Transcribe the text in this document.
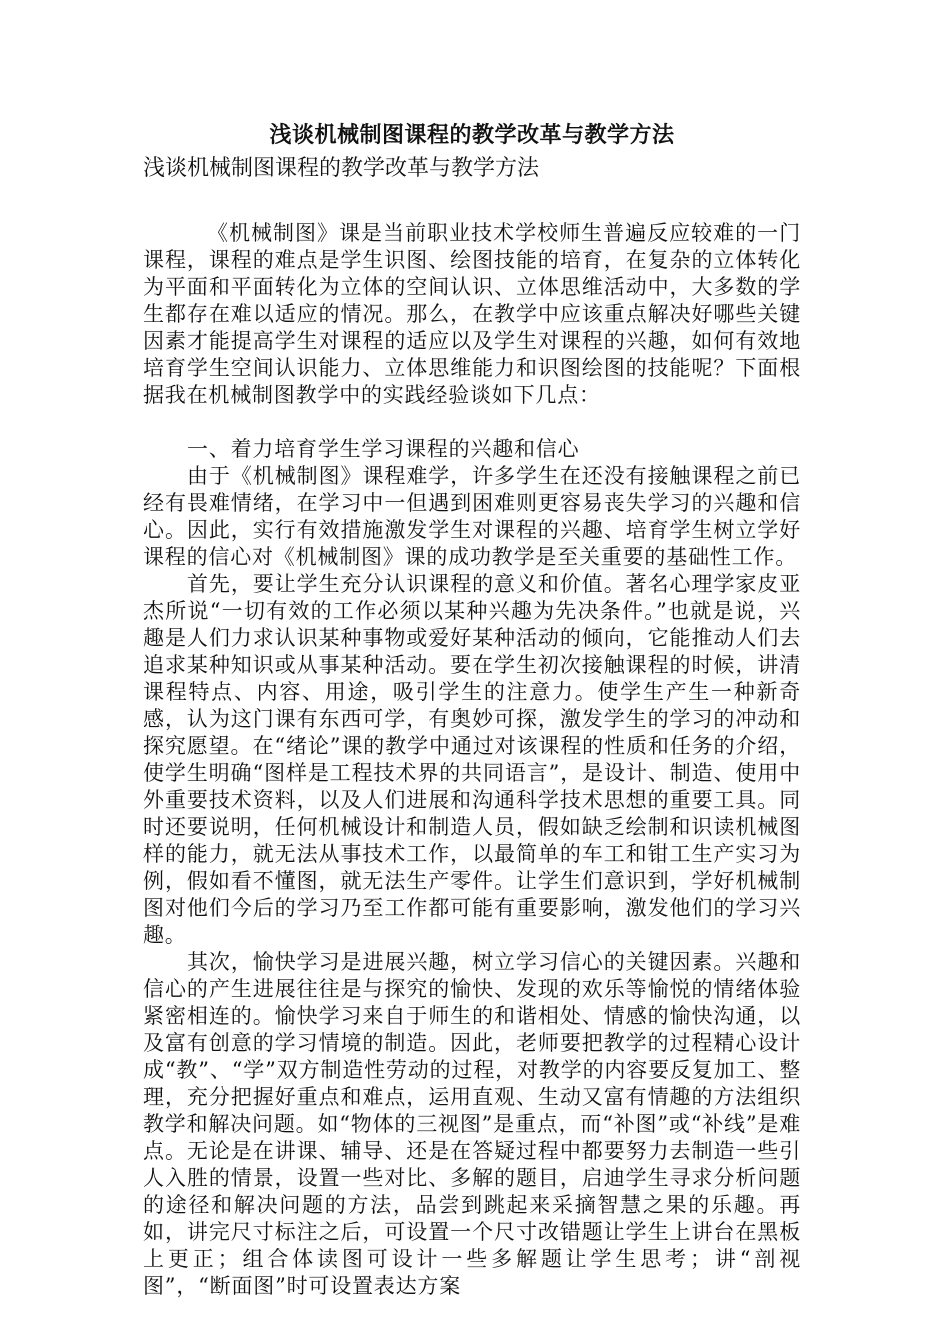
浅谈机械制图课程的教学改革与教学方法

浅谈机械制图课程的教学改革与教学方法

《机械制图》课是当前职业技术学校师生普遍反应较难的一门课程，课程的难点是学生识图、绘图技能的培育，在复杂的立体转化为平面和平面转化为立体的空间认识、立体思维活动中，大多数的学生都存在难以适应的情况。那么，在教学中应该重点解决好哪些关键因素才能提高学生对课程的适应以及学生对课程的兴趣，如何有效地培育学生空间认识能力、立体思维能力和识图绘图的技能呢？下面根据我在机械制图教学中的实践经验谈如下几点：

一、着力培育学生学习课程的兴趣和信心

由于《机械制图》课程难学，许多学生在还没有接触课程之前已经有畏难情绪，在学习中一但遇到困难则更容易丧失学习的兴趣和信心。因此，实行有效措施激发学生对课程的兴趣、培育学生树立学好课程的信心对《机械制图》课的成功教学是至关重要的基础性工作。

首先，要让学生充分认识课程的意义和价值。著名心理学家皮亚杰所说“一切有效的工作必须以某种兴趣为先决条件。”也就是说，兴趣是人们力求认识某种事物或爱好某种活动的倾向，它能推动人们去追求某种知识或从事某种活动。要在学生初次接触课程的时候，讲清课程特点、内容、用途，吸引学生的注意力。使学生产生一种新奇感，认为这门课有东西可学，有奥妙可探，激发学生的学习的冲动和探究愿望。在“绪论”课的教学中通过对该课程的性质和任务的介绍，使学生明确“图样是工程技术界的共同语言”，是设计、制造、使用中外重要技术资料，以及人们进展和沟通科学技术思想的重要工具。同时还要说明，任何机械设计和制造人员，假如缺乏绘制和识读机械图样的能力，就无法从事技术工作，以最简单的车工和钳工生产实习为例，假如看不懂图，就无法生产零件。让学生们意识到，学好机械制图对他们今后的学习乃至工作都可能有重要影响，激发他们的学习兴趣。

其次，愉快学习是进展兴趣，树立学习信心的关键因素。兴趣和信心的产生进展往往是与探究的愉快、发现的欢乐等愉悦的情绪体验紧密相连的。愉快学习来自于师生的和谐相处、情感的愉快沟通，以及富有创意的学习情境的制造。因此，老师要把教学的过程精心设计成“教”、“学”双方制造性劳动的过程，对教学的内容要反复加工、整理，充分把握好重点和难点，运用直观、生动又富有情趣的方法组织教学和解决问题。如“物体的三视图”是重点，而“补图”或“补线”是难点。无论是在讲课、辅导、还是在答疑过程中都要努力去制造一些引人入胜的情景，设置一些对比、多解的题目，启迪学生寻求分析问题的途径和解决问题的方法，品尝到跳起来采摘智慧之果的乐趣。再如，讲完尺寸标注之后，可设置一个尺寸改错题让学生上讲台在黑板上更正；组合体读图可设计一些多解题让学生思考；讲“剖视图”，“断面图”时可设置表达方案
